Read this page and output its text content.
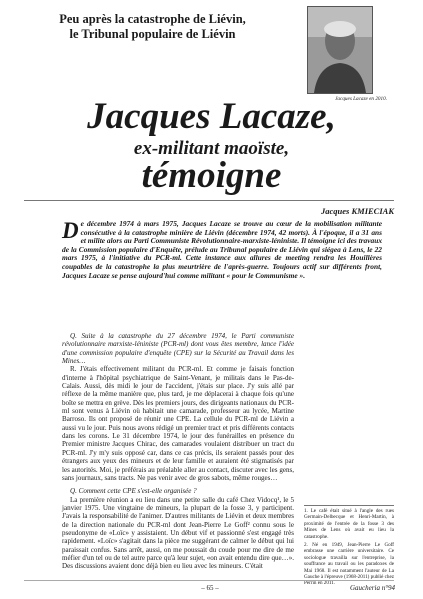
Peu après la catastrophe de Liévin,
le Tribunal populaire de Liévin
Jacques Lacaze en 2010.
Jacques Lacaze,
ex-militant maoïste,
témoigne
Jacques KMIECIAK
De décembre 1974 à mars 1975, Jacques Lacaze se trouve au cœur de la mobilisation militante consécutive à la catastrophe minière de Liévin (décembre 1974, 42 morts). À l'époque, il a 31 ans et milite alors au Parti Communiste Révolutionnaire-marxiste-léniniste. Il témoigne ici des travaux de la Commission populaire d'Enquête, prélude au Tribunal populaire de Liévin qui siégea à Lens, le 22 mars 1975, à l'initiative du PCR-ml. Cette instance aux allures de meeting rendra les Houillères coupables de la catastrophe la plus meurtrière de l'après-guerre. Toujours actif sur différents front, Jacques Lacaze se pense aujourd'hui comme militant « pour le Communisme ».

Q. Suite à la catastrophe du 27 décembre 1974, le Parti communiste révolutionnaire marxiste-léniniste (PCR-ml) dont vous êtes membre, lance l'idée d'une commission populaire d'enquête (CPE) sur la Sécurité au Travail dans les Mines…

R. J'étais effectivement militant du PCR-ml. Et comme je faisais fonction d'interne à l'hôpital psychiatrique de Saint-Venant, je militais dans le Pas-de-Calais. Aussi, dès midi le jour de l'accident, j'étais sur place. J'y suis allé par réflexe de la même manière que, plus tard, je me déplacerai à chaque fois qu'une boîte se mettra en grève. Dès les premiers jours, des dirigeants nationaux du PCR-ml sont venus à Liévin où habitait une camarade, professeur au lycée, Martine Barroso. Ils ont proposé de réunir une CPE. La cellule du PCR-ml de Liévin a aussi vu le jour. Puis nous avons rédigé un premier tract et pris différents contacts dans les corons. Le 31 décembre 1974, le jour des funérailles en présence du Premier ministre Jacques Chirac, des camarades voulaient distribuer un tract du PCR-ml. J'y m'y suis opposé car, dans ce cas précis, ils seraient passés pour des étrangers aux yeux des mineurs et de leur famille et auraient été stigmatisés par les autorités. Moi, je préférais au préalable aller au contact, discuter avec les gens, sans journaux, sans tracts. Ne pas venir avec de gros sabots, même rouges…

Q. Comment cette CPE s'est-elle organisée ?

La première réunion a eu lieu dans une petite salle du café Chez Vidocq¹, le 5 janvier 1975. Une vingtaine de mineurs, la plupart de la fosse 3, y participent. J'avais la responsabilité de l'animer. D'autres militants de Liévin et deux membres de la direction nationale du PCR-ml dont Jean-Pierre Le Goff² connu sous le pseudonyme de «Loïc» y assistaient. Un début vif et passionné s'est engagé très rapidement. «Loïc» s'agitait dans la pièce me suggérant de calmer le début qui lui paraissait confus. Sans arrêt, aussi, on me poussait du coude pour me dire de me méfier d'un tel ou de tel autre parce qu'à leur sujet, «on avait entendu dire que…». Des discussions avaient donc déjà bien eu lieu avec les mineurs. C'était

1. Le café était situé à l'angle des rues Germain-Delbecque et Henri-Martin, à proximité de l'entrée de la fosse 3 des Mines de Lens où avait eu lieu la catastrophe.

2. Né en 1949, Jean-Pierre Le Goff embrasse une carrière universitaire. Ce sociologue travailla sur l'entreprise, la souffrance au travail ou les paradoxes de Mai 1968. Il est notamment l'auteur de La Gauche à l'épreuve (1968-2011) publié chez Perrin en 2011.

– 65 –	Gaucheria n°94
